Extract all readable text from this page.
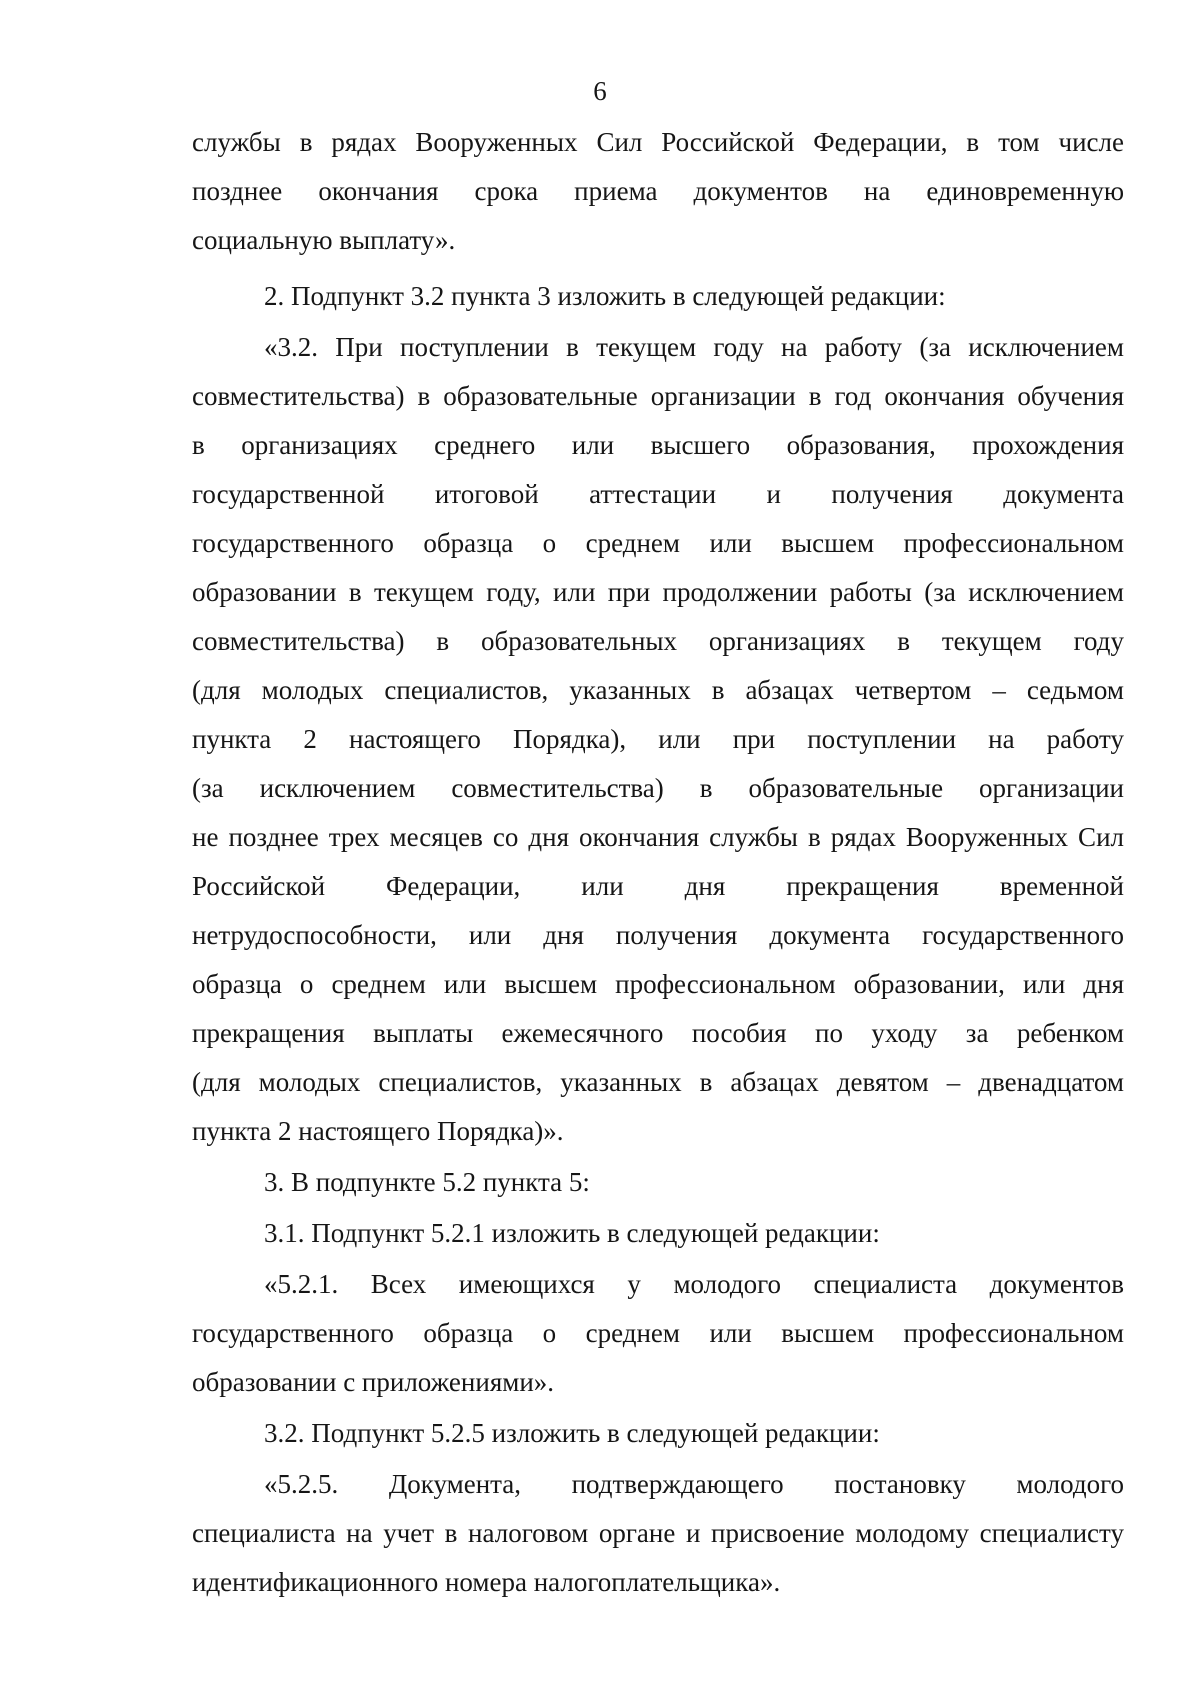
6

службы в рядах Вооруженных Сил Российской Федерации, в том числе
позднее окончания срока приема документов на единовременную
социальную выплату».

2. Подпункт 3.2 пункта 3 изложить в следующей редакции:

«3.2. При поступлении в текущем году на работу (за исключением
совместительства) в образовательные организации в год окончания обучения
в организациях среднего или высшего образования, прохождения
государственной итоговой аттестации и получения документа
государственного образца о среднем или высшем профессиональном
образовании в текущем году, или при продолжении работы (за исключением
совместительства) в образовательных организациях в текущем году
(для молодых специалистов, указанных в абзацах четвертом – седьмом
пункта 2 настоящего Порядка), или при поступлении на работу
(за исключением совместительства) в образовательные организации
не позднее трех месяцев со дня окончания службы в рядах Вооруженных Сил
Российской Федерации, или дня прекращения временной
нетрудоспособности, или дня получения документа государственного
образца о среднем или высшем профессиональном образовании, или дня
прекращения выплаты ежемесячного пособия по уходу за ребенком
(для молодых специалистов, указанных в абзацах девятом – двенадцатом
пункта 2 настоящего Порядка)».

3. В подпункте 5.2 пункта 5:

3.1. Подпункт 5.2.1 изложить в следующей редакции:

«5.2.1. Всех имеющихся у молодого специалиста документов
государственного образца о среднем или высшем профессиональном
образовании с приложениями».

3.2. Подпункт 5.2.5 изложить в следующей редакции:

«5.2.5. Документа, подтверждающего постановку молодого
специалиста на учет в налоговом органе и присвоение молодому специалисту
идентификационного номера налогоплательщика».
